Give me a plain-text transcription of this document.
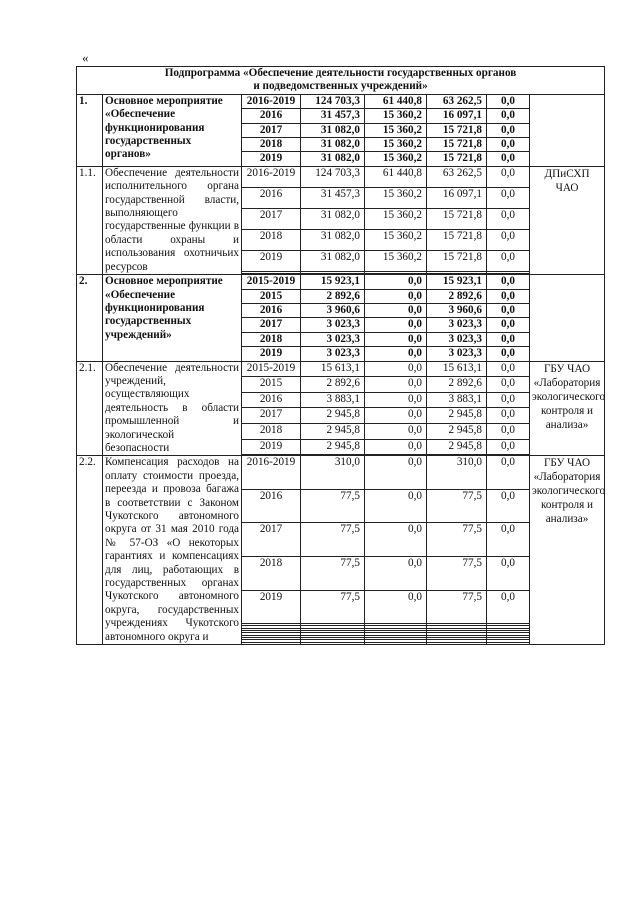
«
Подпрограмма «Обеспечение деятельности государственных органов
и подведомственных учреждений»							

1.	Основное мероприятие «Обеспечение функционирования государственных органов»	2016-2019	124 703,3	61 440,8	63 262,5	0,0	
		2016	31 457,3	15 360,2	16 097,1	0,0	
		2017	31 082,0	15 360,2	15 721,8	0,0	
		2018	31 082,0	15 360,2	15 721,8	0,0	
		2019	31 082,0	15 360,2	15 721,8	0,0	
1.1.	Обеспечение деятельности исполнительного органа государственной власти, выполняющего государственные функции в области охраны и использования охотничьих ресурсов	2016-2019	124 703,3	61 440,8	63 262,5	0,0	ДПиСХП ЧАО
		2016	31 457,3	15 360,2	16 097,1	0,0	
		2017	31 082,0	15 360,2	15 721,8	0,0	
		2018	31 082,0	15 360,2	15 721,8	0,0	
		2019	31 082,0	15 360,2	15 721,8	0,0	

2.	Основное мероприятие «Обеспечение функционирования государственных учреждений»	2015-2019	15 923,1	0,0	15 923,1	0,0	
		2015	2 892,6	0,0	2 892,6	0,0	
		2016	3 960,6	0,0	3 960,6	0,0	
		2017	3 023,3	0,0	3 023,3	0,0	
		2018	3 023,3	0,0	3 023,3	0,0	
		2019	3 023,3	0,0	3 023,3	0,0	
2.1.	Обеспечение деятельности учреждений, осуществляющих деятельность в области промышленной и экологической безопасности	2015-2019	15 613,1	0,0	15 613,1	0,0	ГБУ ЧАО «Лаборатория экологического контроля и анализа»
		2015	2 892,6	0,0	2 892,6	0,0	
		2016	3 883,1	0,0	3 883,1	0,0	
		2017	2 945,8	0,0	2 945,8	0,0	
		2018	2 945,8	0,0	2 945,8	0,0	
		2019	2 945,8	0,0	2 945,8	0,0	

2.2.	Компенсация расходов на оплату стоимости проезда, переезда и провоза багажа в соответствии с Законом Чукотского автономного округа от 31 мая 2010 года № 57-ОЗ «О некоторых гарантиях и компенсациях для лиц, работающих в государственных органах Чукотского автономного округа, государственных учреждениях Чукотского автономного округа и	2016-2019	310,0	0,0	310,0	0,0	ГБУ ЧАО «Лаборатория экологического контроля и анализа»
		2016	77,5	0,0	77,5	0,0	
		2017	77,5	0,0	77,5	0,0	
		2018	77,5	0,0	77,5	0,0	
		2019	77,5	0,0	77,5	0,0	
